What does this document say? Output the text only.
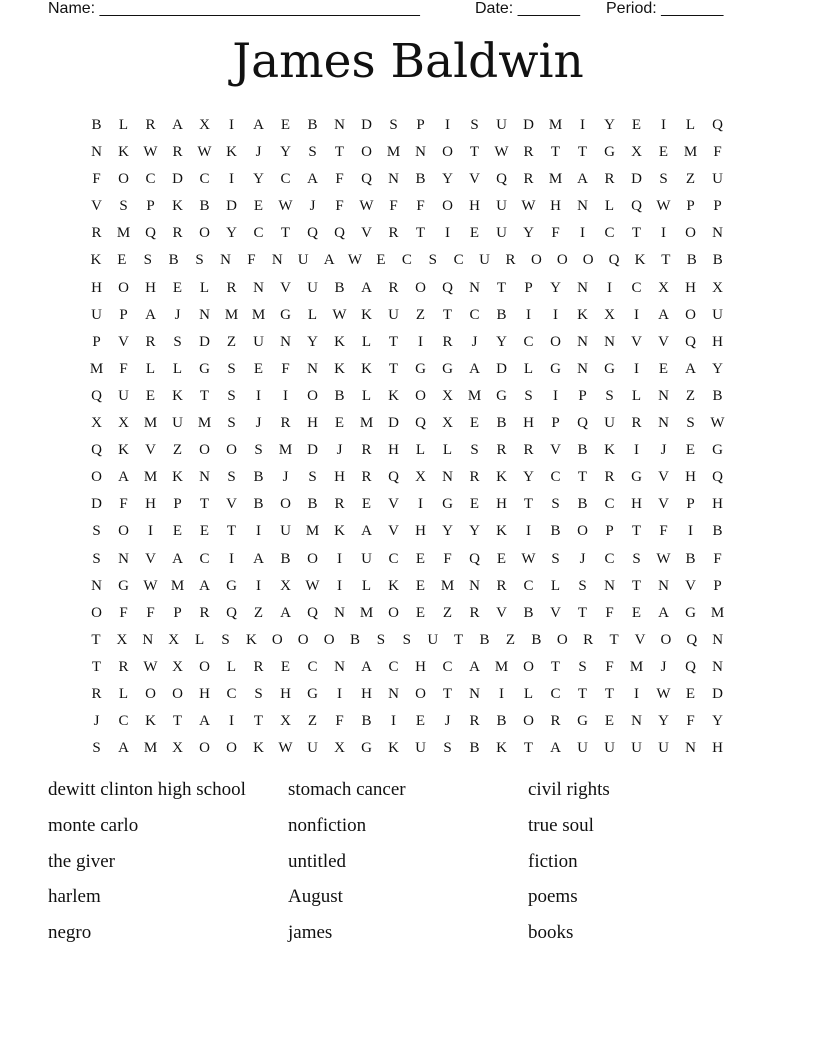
Name: ____________________________________	Date: _______ Period: _______
James Baldwin
B	L	R	A	X	I	A	E	B	N	D	S	P	I	S	U	D M	I	Y	E	I	L	Q
N	K W R W K	J	Y	S	T	O M N	O	T	W R	T	T	G	X	E	M	F
F	O	C	D	C	I	Y	C	A	F	Q	N	B	Y	V	Q	R	M A	R	D	S	Z	U
V	S	P	K	B	D	E	W	J	F	W	F	F	O	H	U W H	N	L	Q W	P	P
R	M Q	R	O	Y	C	T	Q	Q	V	R	T	I	E	U	Y	F	I	C	T	I	O	N
K	E	S	B	S	N	F	N	U	A W E	C	S	C	U	R	O	O	O	Q	K	T	B	B
H	O	H	E	L	R	N	V	U	B	A	R	O	Q	N	T	P	Y	N	I	C	X	H	X
U	P	A	J	N M M G	L	W K	U	Z	T	C	B	I	I	K	X	I	A	O	U
P	V	R	S	D	Z	U	N	Y	K	L	T	I	R	J	Y	C	O	N	N	V	V	Q	H
M	F	L	L	G	S	E	F	N	K	K	T	G	G	A	D	L	G	N	G	I	E	A	Y
Q	U	E	K	T	S	I	I	O	B	L	K	O	X M G	S	I	P	S	L	N	Z	B
X	X M U M	S	J	R	H	E	M D	Q	X	E	B	H	P	Q	U	R	N	S	W
Q	K	V	Z	O	O	S	M D	J	R	H	L	L	S	R	R	V	B	K	I	J	E	G
O	A M K	N	S	B	J	S	H	R	Q	X	N	R	K	Y	C	T	R	G	V	H	Q
D	F	H	P	T	V	B	O	B	R	E	V	I	G	E	H	T	S	B	C	H	V	P	H
S	O	I	E	E	T	I	U M K	A	V	H	Y	Y	K	I	B	O	P	T	F	I	B
S	N	V	A	C	I	A	B	O	I	U	C	E	F	Q	E	W	S	J	C	S	W B	F
N	G W M A	G	I	X W	I	L	K	E	M N	R	C	L	S	N	T	N	V	P
O	F	F	P	R	Q	Z	A	Q	N M O	E	Z	R	V	B	V	T	F	E	A	G M
T	X	N	X	L	S	K	O	O	O	B	S	S	U	T	B	Z	B	O	R	T	V	O	Q	N
T	R W X	O	L	R	E	C	N	A	C	H	C	A M O	T	S	F	M	J	Q	N
R	L	O	O	H	C	S	H	G	I	H	N	O	T	N	I	L	C	T	T	I	W	E	D
J	C	K	T	A	I	T	X	Z	F	B	I	E	J	R	B	O	R	G	E	N	Y	F	Y
S	A M X	O	O	K W U	X	G	K	U	S	B	K	T	A	U	U	U	U	N	H
dewitt clinton high school
monte carlo
the giver
harlem
negro
stomach cancer
nonfiction
untitled
August
james
civil rights
true soul
fiction
poems
books
